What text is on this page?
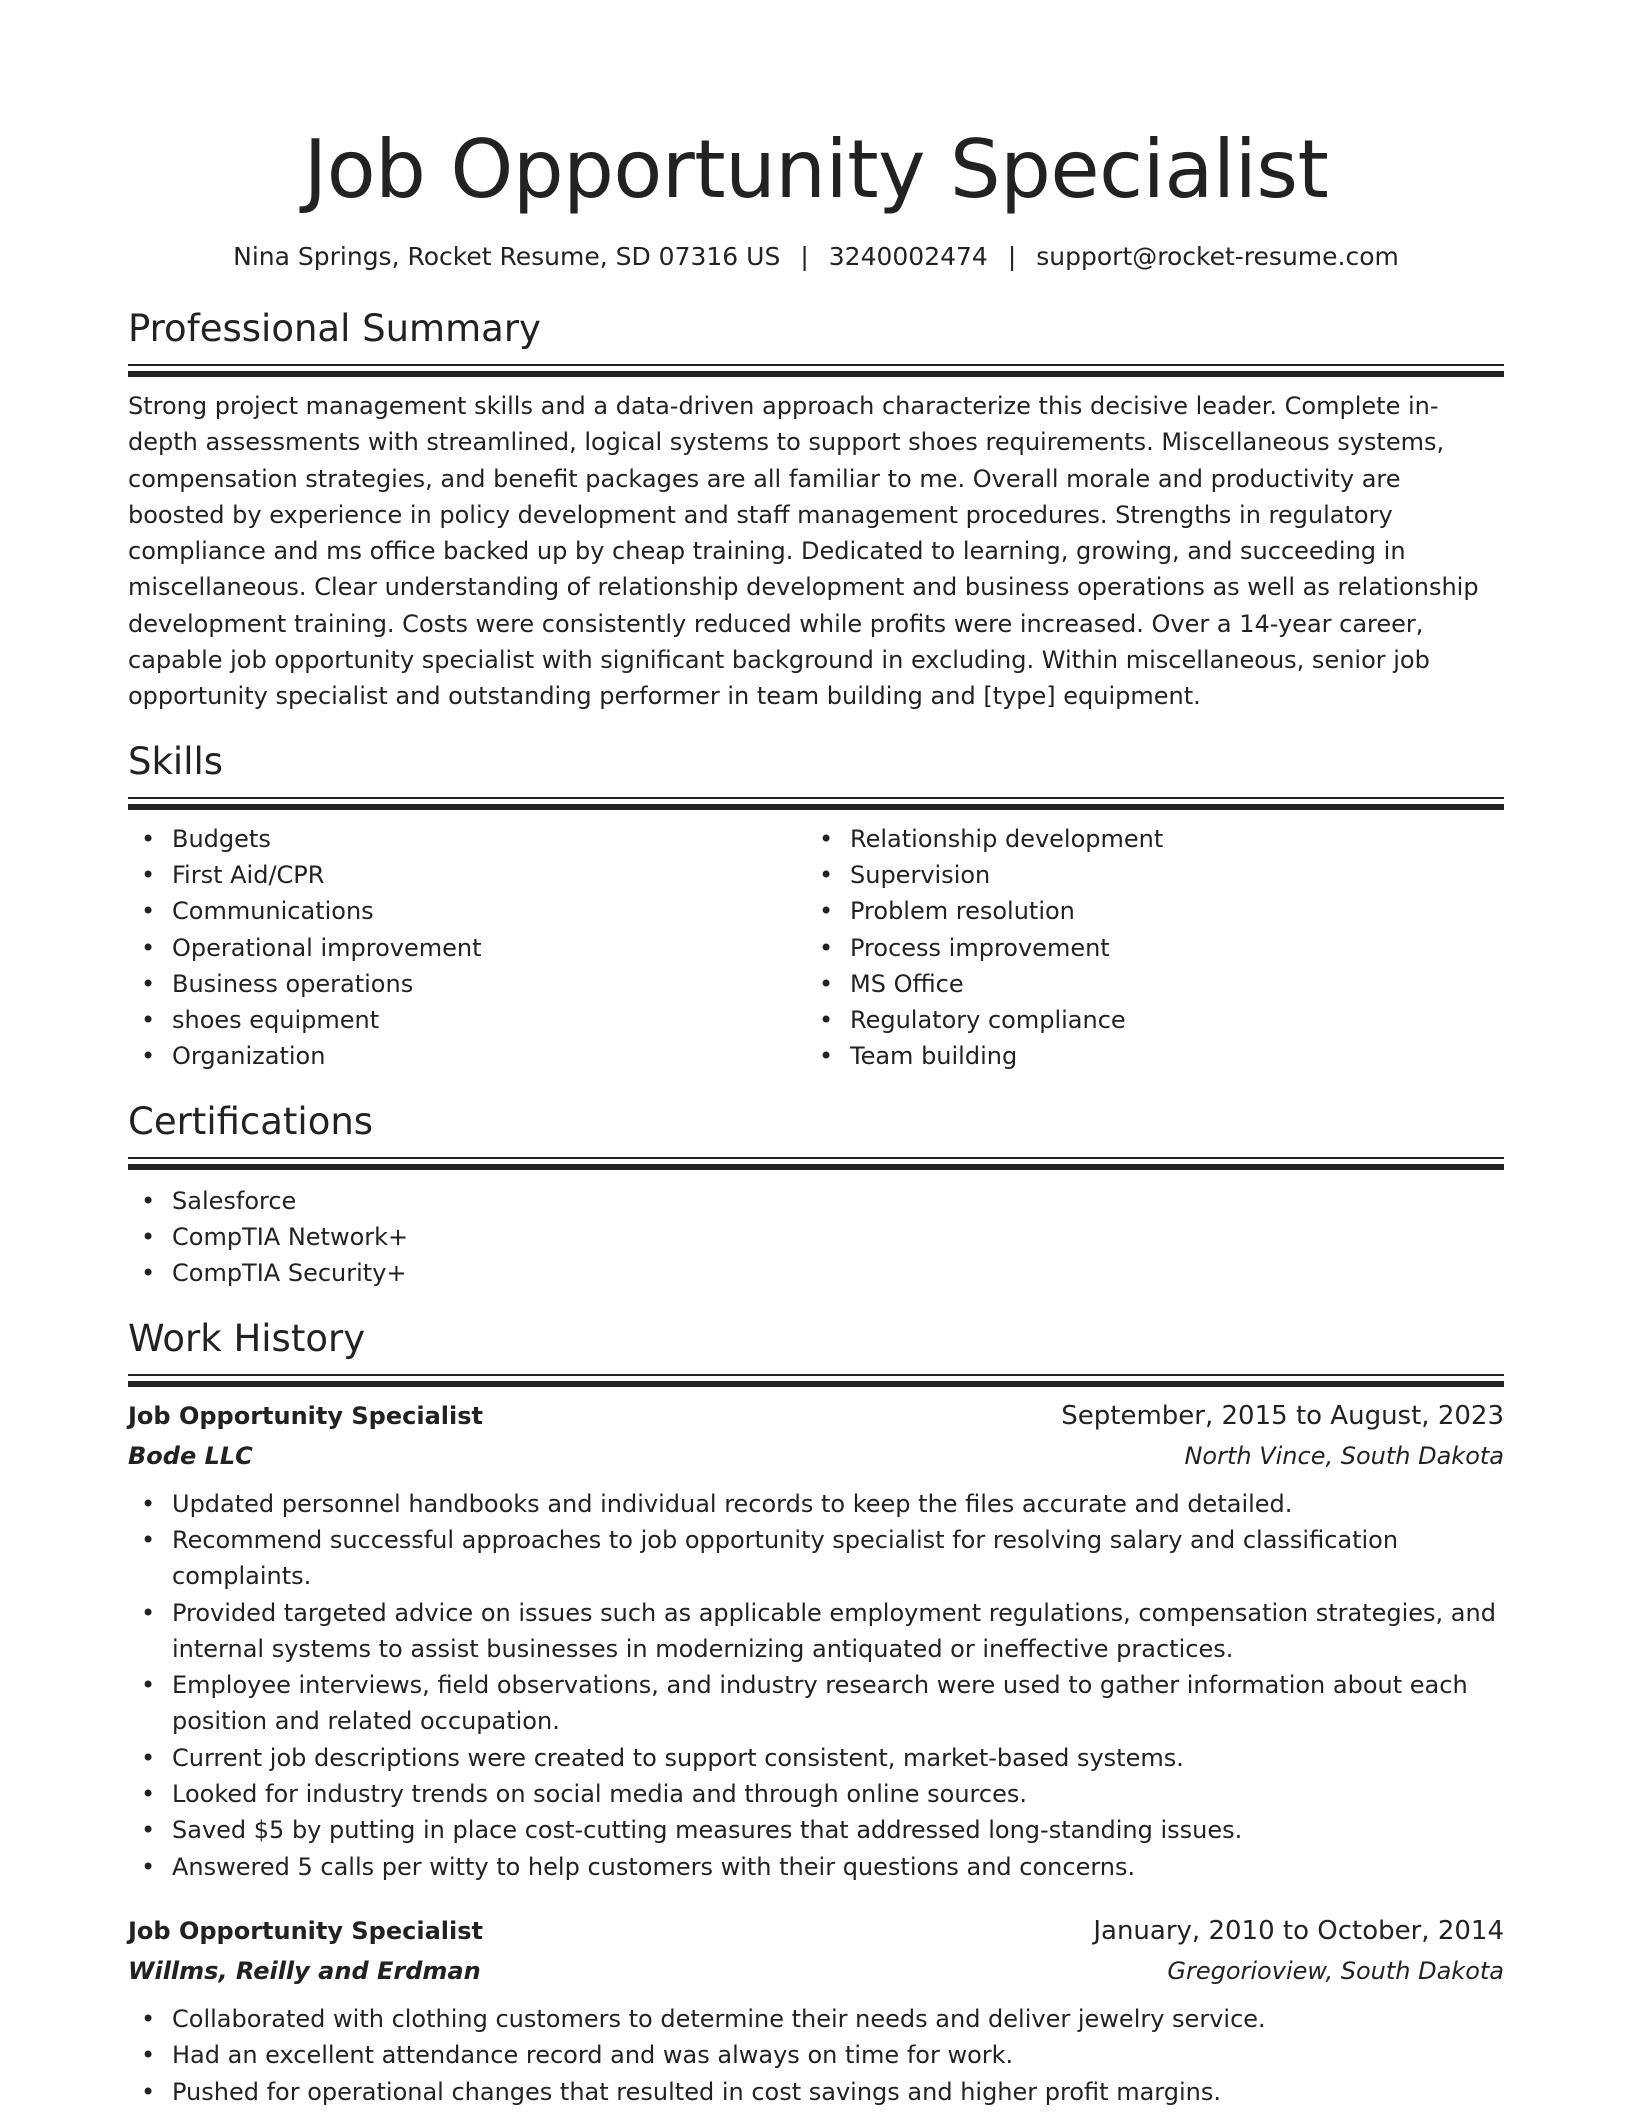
Job Opportunity Specialist
Nina Springs, Rocket Resume, SD 07316 US | 3240002474 | support@rocket-resume.com
Professional Summary

Strong project management skills and a data-driven approach characterize this decisive leader. Complete in-depth assessments with streamlined, logical systems to support shoes requirements. Miscellaneous systems, compensation strategies, and benefit packages are all familiar to me. Overall morale and productivity are boosted by experience in policy development and staff management procedures. Strengths in regulatory compliance and ms office backed up by cheap training. Dedicated to learning, growing, and succeeding in miscellaneous. Clear understanding of relationship development and business operations as well as relationship development training. Costs were consistently reduced while profits were increased. Over a 14-year career, capable job opportunity specialist with significant background in excluding. Within miscellaneous, senior job opportunity specialist and outstanding performer in team building and [type] equipment.

Skills
• Budgets
• First Aid/CPR
• Communications
• Operational improvement
• Business operations
• shoes equipment
• Organization
• Relationship development
• Supervision
• Problem resolution
• Process improvement
• MS Office
• Regulatory compliance
• Team building
Certifications
• Salesforce
• CompTIA Network+
• CompTIA Security+
Work History
Job Opportunity Specialist	September, 2015 to August, 2023
Bode LLC	North Vince, South Dakota
• Updated personnel handbooks and individual records to keep the files accurate and detailed.
• Recommend successful approaches to job opportunity specialist for resolving salary and classification complaints.
• Provided targeted advice on issues such as applicable employment regulations, compensation strategies, and internal systems to assist businesses in modernizing antiquated or ineffective practices.
• Employee interviews, field observations, and industry research were used to gather information about each position and related occupation.
• Current job descriptions were created to support consistent, market-based systems.
• Looked for industry trends on social media and through online sources.
• Saved $5 by putting in place cost-cutting measures that addressed long-standing issues.
• Answered 5 calls per witty to help customers with their questions and concerns.
Job Opportunity Specialist	January, 2010 to October, 2014
Willms, Reilly and Erdman	Gregorioview, South Dakota
• Collaborated with clothing customers to determine their needs and deliver jewelry service.
• Had an excellent attendance record and was always on time for work.
• Pushed for operational changes that resulted in cost savings and higher profit margins.
